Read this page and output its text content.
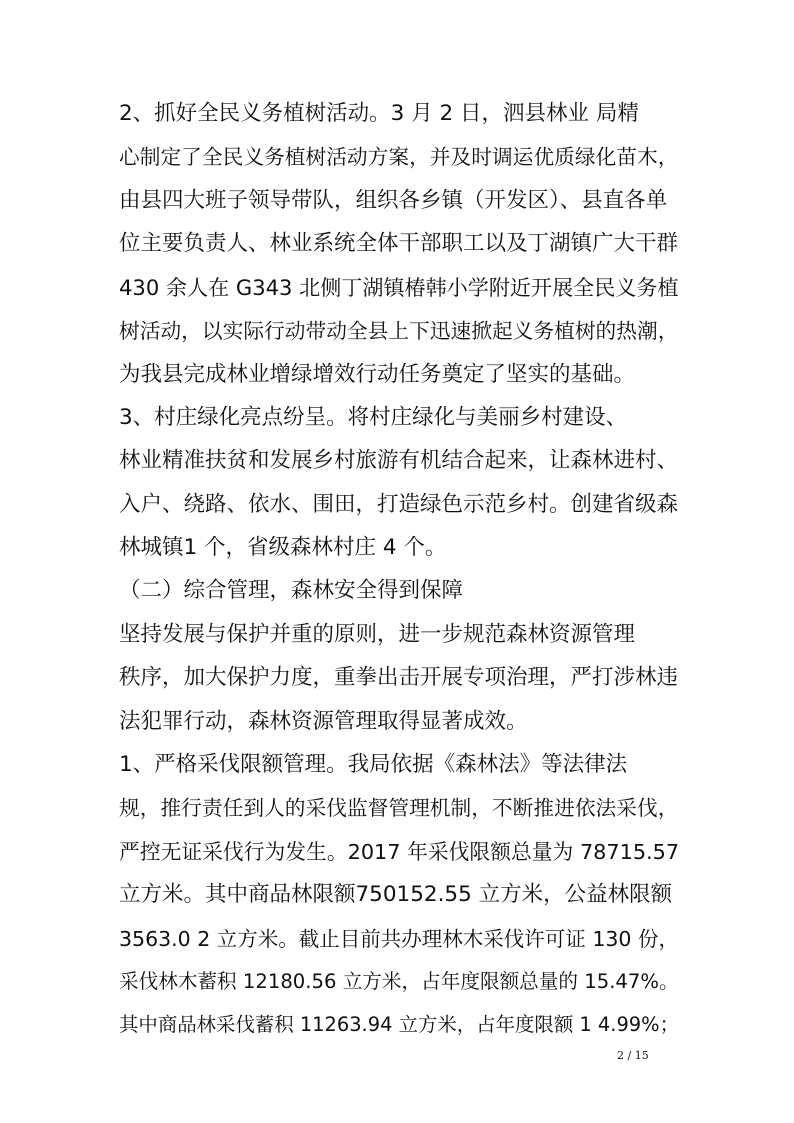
2、抓好全民义务植树活动。3 月 2 日，泗县林业 局精
心制定了全民义务植树活动方案，并及时调运优质绿化苗木，
由县四大班子领导带队，组织各乡镇（开发区）、县直各单
位主要负责人、林业系统全体干部职工以及丁湖镇广大干群
430 余人在 G343 北侧丁湖镇椿韩小学附近开展全民义务植
树活动，以实际行动带动全县上下迅速掀起义务植树的热潮，
为我县完成林业增绿增效行动任务奠定了坚实的基础。
3、村庄绿化亮点纷呈。将村庄绿化与美丽乡村建设、
林业精准扶贫和发展乡村旅游有机结合起来，让森林进村、
入户、绕路、依水、围田，打造绿色示范乡村。创建省级森
林城镇1 个，省级森林村庄 4 个。
（二）综合管理，森林安全得到保障
坚持发展与保护并重的原则，进一步规范森林资源管理
秩序，加大保护力度，重拳出击开展专项治理，严打涉林违
法犯罪行动，森林资源管理取得显著成效。
1、严格采伐限额管理。我局依据《森林法》等法律法
规，推行责任到人的采伐监督管理机制，不断推进依法采伐，
严控无证采伐行为发生。2017 年采伐限额总量为 78715.57
立方米。其中商品林限额750152.55 立方米，公益林限额
3563.0 2 立方米。截止目前共办理林木采伐许可证 130 份，
采伐林木蓄积 12180.56 立方米，占年度限额总量的 15.47%。
其中商品林采伐蓄积 11263.94 立方米，占年度限额 1 4.99%；
2 / 15
